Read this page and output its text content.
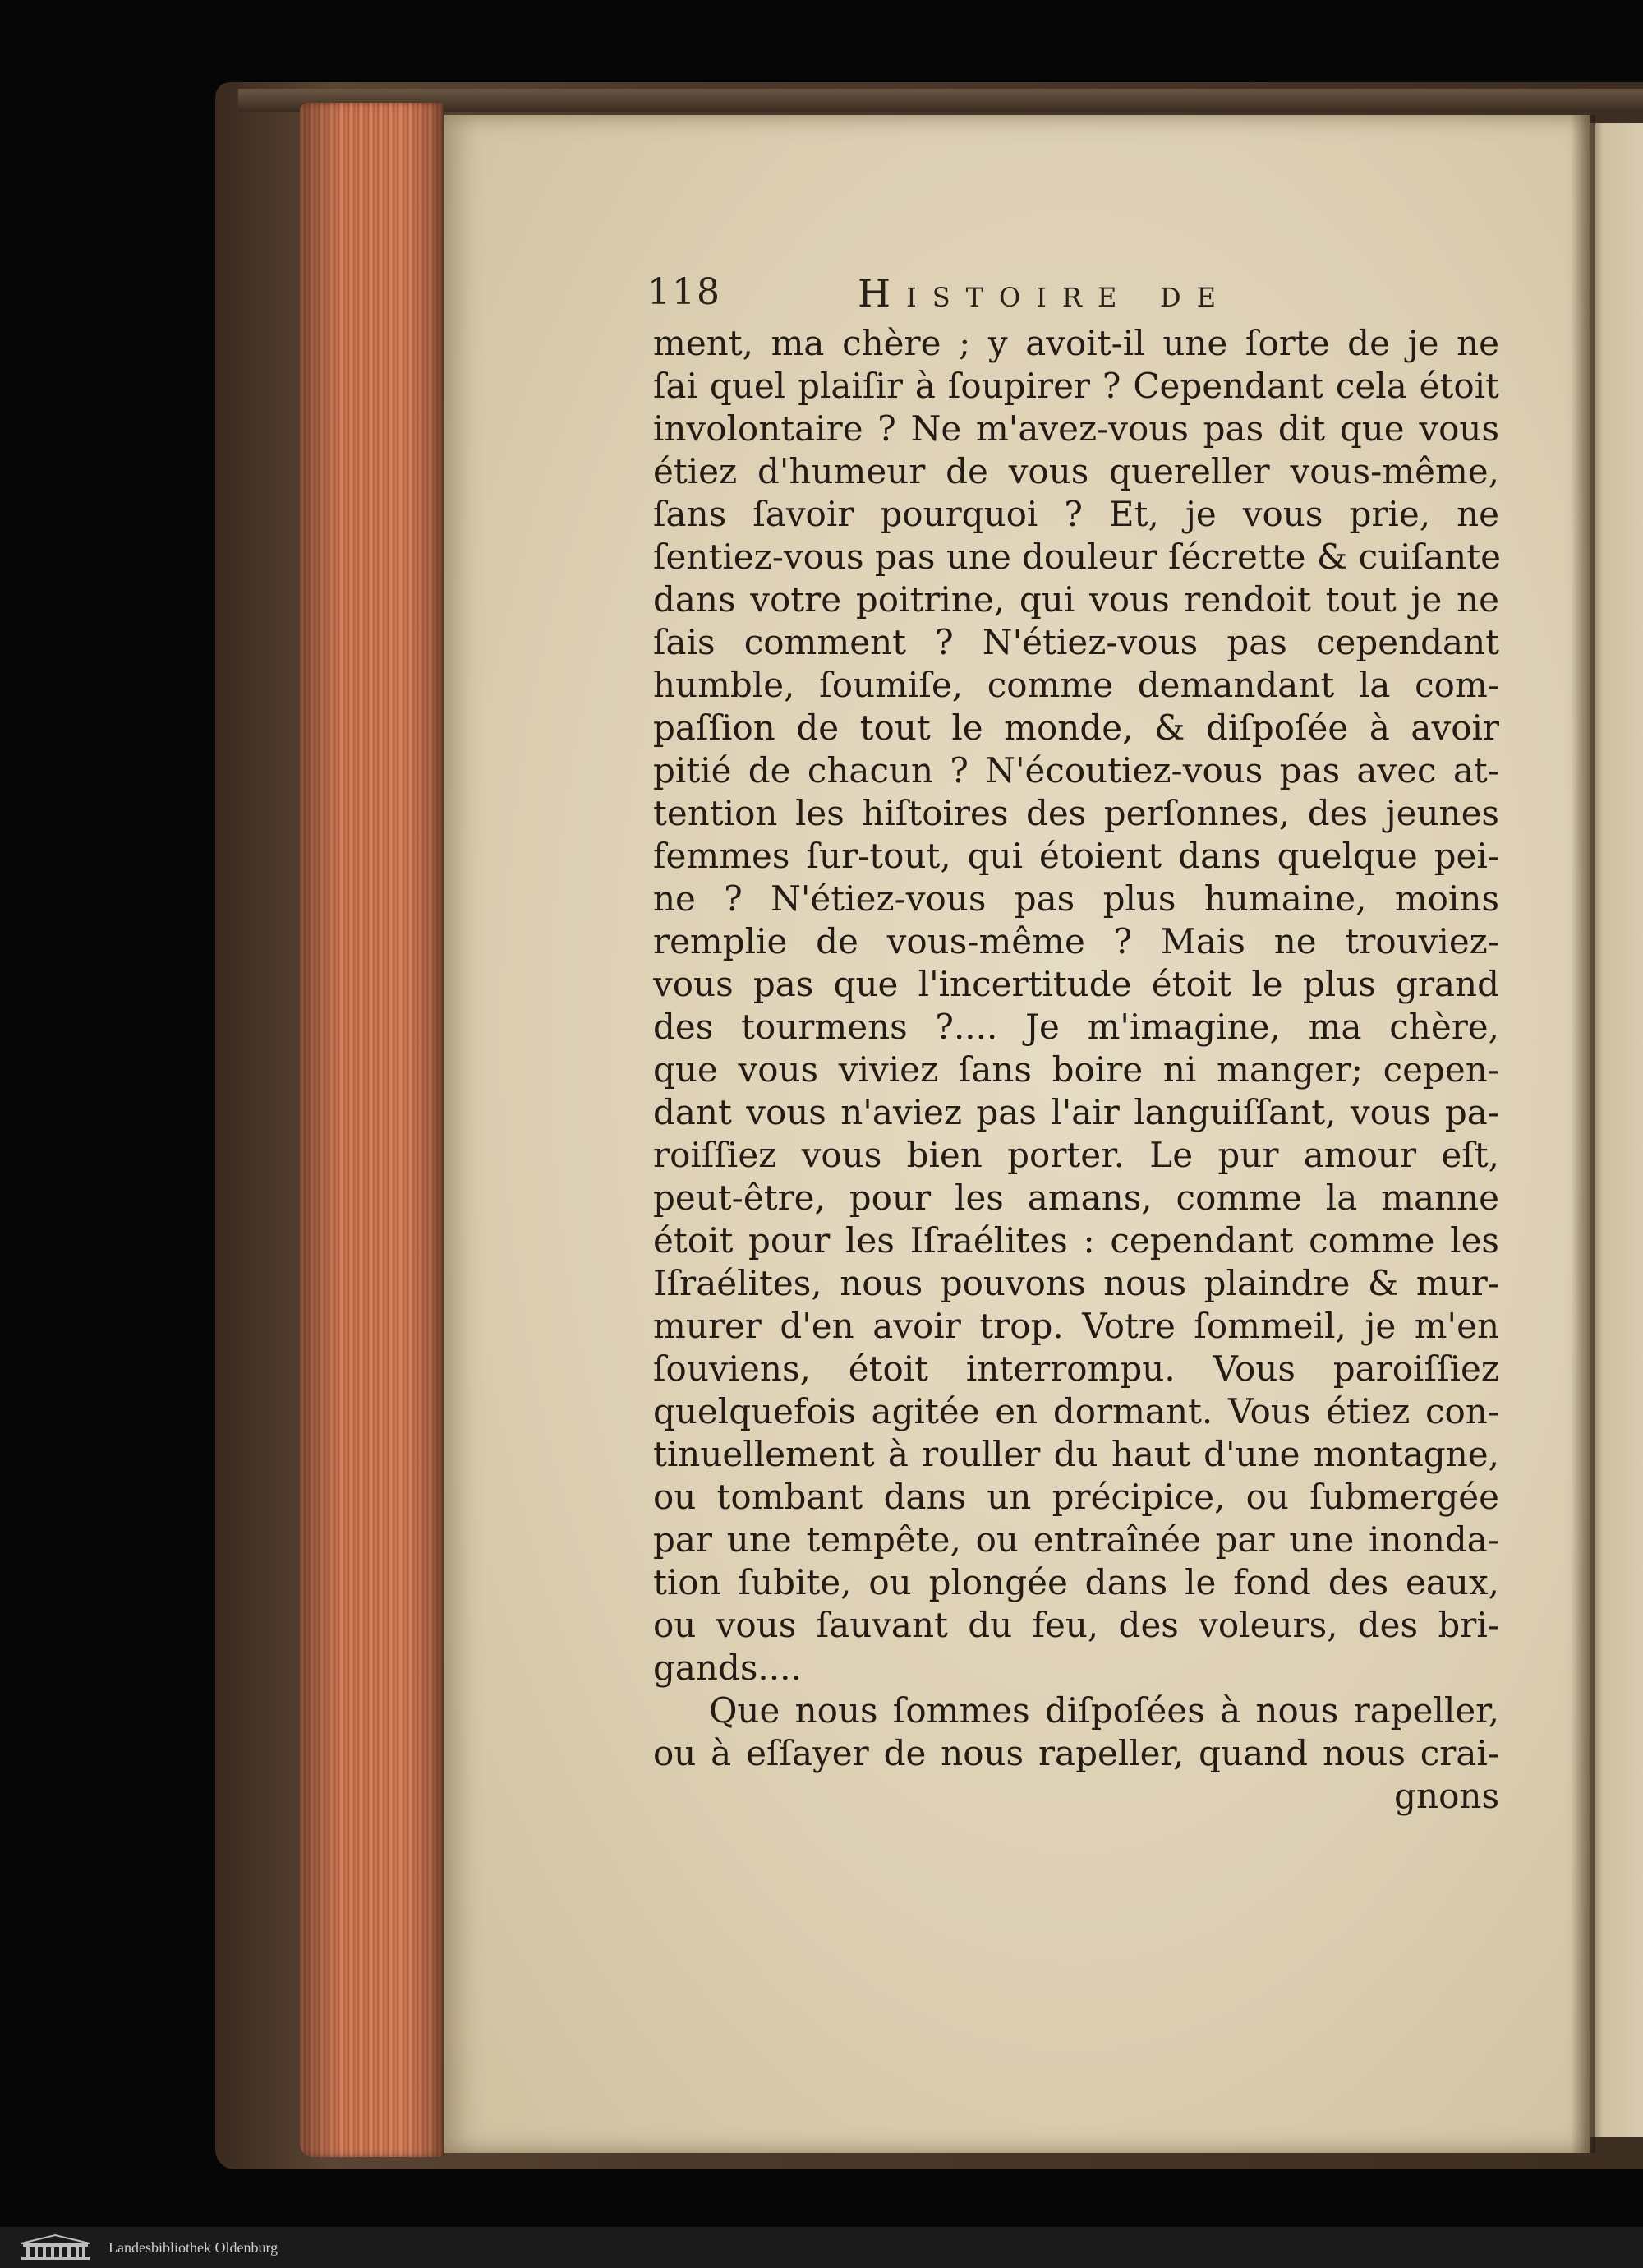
118	Histoire de
ment, ma chère ; y avoit-il une ſorte de je ne
ſai quel plaiſir à ſoupirer ? Cependant cela étoit
involontaire ? Ne m'avez-vous pas dit que vous
étiez d'humeur de vous quereller vous-même,
ſans ſavoir pourquoi ? Et, je vous prie, ne
ſentiez-vous pas une douleur ſécrette & cuiſante
dans votre poitrine, qui vous rendoit tout je ne
ſais comment ? N'étiez-vous pas cependant
humble, ſoumiſe, comme demandant la com-
paſſion de tout le monde, & diſpoſée à avoir
pitié de chacun ? N'écoutiez-vous pas avec at-
tention les hiſtoires des perſonnes, des jeunes
femmes ſur-tout, qui étoient dans quelque pei-
ne ? N'étiez-vous pas plus humaine, moins
remplie de vous-même ? Mais ne trouviez-
vous pas que l'incertitude étoit le plus grand
des tourmens ?.... Je m'imagine, ma chère,
que vous viviez ſans boire ni manger; cepen-
dant vous n'aviez pas l'air languiſſant, vous pa-
roiſſiez vous bien porter. Le pur amour eſt,
peut-être, pour les amans, comme la manne
étoit pour les Iſraélites : cependant comme les
Iſraélites, nous pouvons nous plaindre & mur-
murer d'en avoir trop. Votre ſommeil, je m'en
ſouviens, étoit interrompu. Vous paroiſſiez
quelquefois agitée en dormant. Vous étiez con-
tinuellement à rouller du haut d'une montagne,
ou tombant dans un précipice, ou ſubmergée
par une tempête, ou entraînée par une inonda-
tion ſubite, ou plongée dans le fond des eaux,
ou vous ſauvant du feu, des voleurs, des bri-
gands....
Que nous ſommes diſpoſées à nous rapeller,
ou à eſſayer de nous rapeller, quand nous crai-
gnons
Landesbibliothek Oldenburg
